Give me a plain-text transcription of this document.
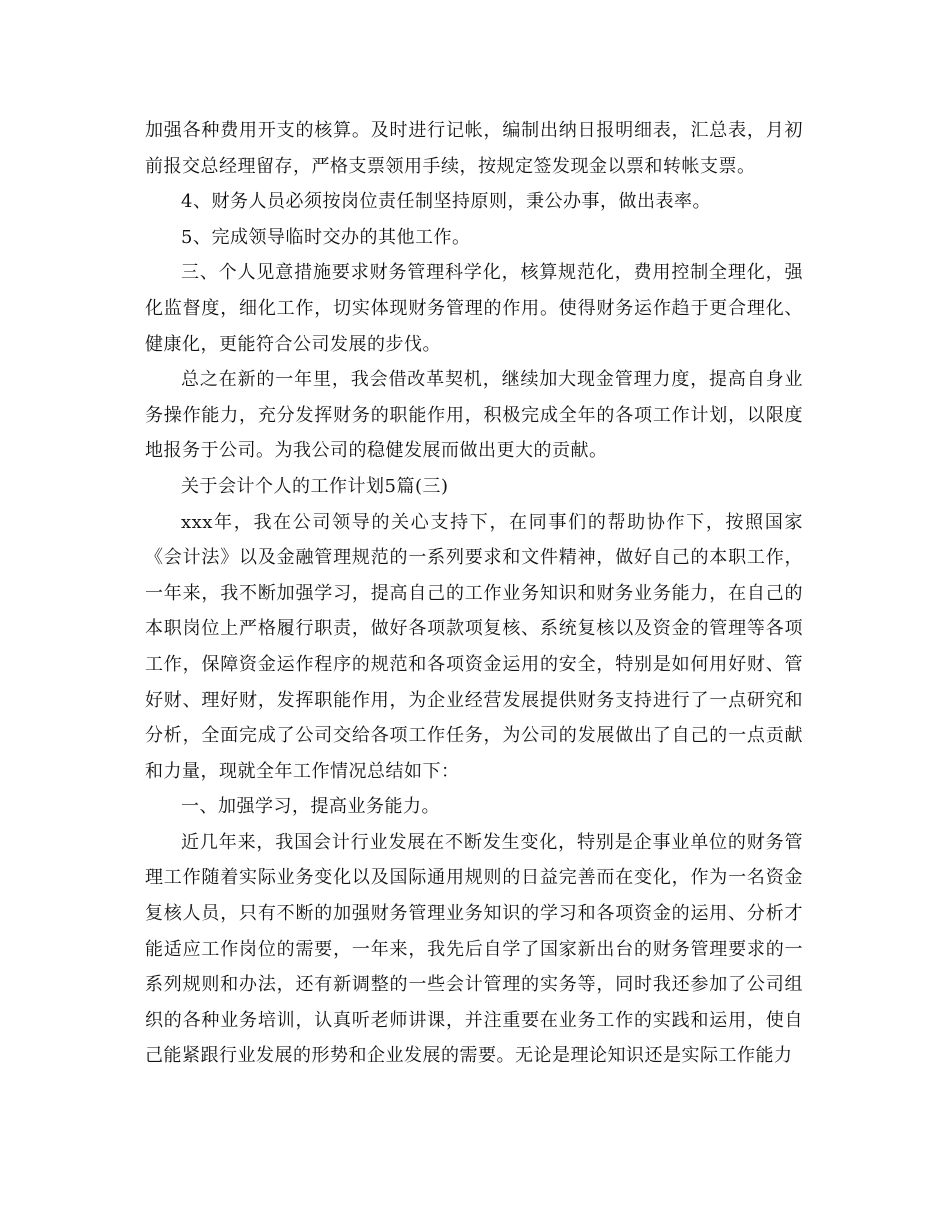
加强各种费用开支的核算。及时进行记帐，编制出纳日报明细表，汇总表，月初前报交总经理留存，严格支票领用手续，按规定签发现金以票和转帐支票。

4、财务人员必须按岗位责任制坚持原则，秉公办事，做出表率。

5、完成领导临时交办的其他工作。

三、个人见意措施要求财务管理科学化，核算规范化，费用控制全理化，强化监督度，细化工作，切实体现财务管理的作用。使得财务运作趋于更合理化、健康化，更能符合公司发展的步伐。

总之在新的一年里，我会借改革契机，继续加大现金管理力度，提高自身业务操作能力，充分发挥财务的职能作用，积极完成全年的各项工作计划，以限度地报务于公司。为我公司的稳健发展而做出更大的贡献。

关于会计个人的工作计划5篇(三)

xxx年，我在公司领导的关心支持下，在同事们的帮助协作下，按照国家《会计法》以及金融管理规范的一系列要求和文件精神，做好自己的本职工作，一年来，我不断加强学习，提高自己的工作业务知识和财务业务能力，在自己的本职岗位上严格履行职责，做好各项款项复核、系统复核以及资金的管理等各项工作，保障资金运作程序的规范和各项资金运用的安全，特别是如何用好财、管好财、理好财，发挥职能作用，为企业经营发展提供财务支持进行了一点研究和分析，全面完成了公司交给各项工作任务，为公司的发展做出了自己的一点贡献和力量，现就全年工作情况总结如下：

一、加强学习，提高业务能力。

近几年来，我国会计行业发展在不断发生变化，特别是企事业单位的财务管理工作随着实际业务变化以及国际通用规则的日益完善而在变化，作为一名资金复核人员，只有不断的加强财务管理业务知识的学习和各项资金的运用、分析才能适应工作岗位的需要，一年来，我先后自学了国家新出台的财务管理要求的一系列规则和办法，还有新调整的一些会计管理的实务等，同时我还参加了公司组织的各种业务培训，认真听老师讲课，并注重要在业务工作的实践和运用，使自己能紧跟行业发展的形势和企业发展的需要。无论是理论知识还是实际工作能力
